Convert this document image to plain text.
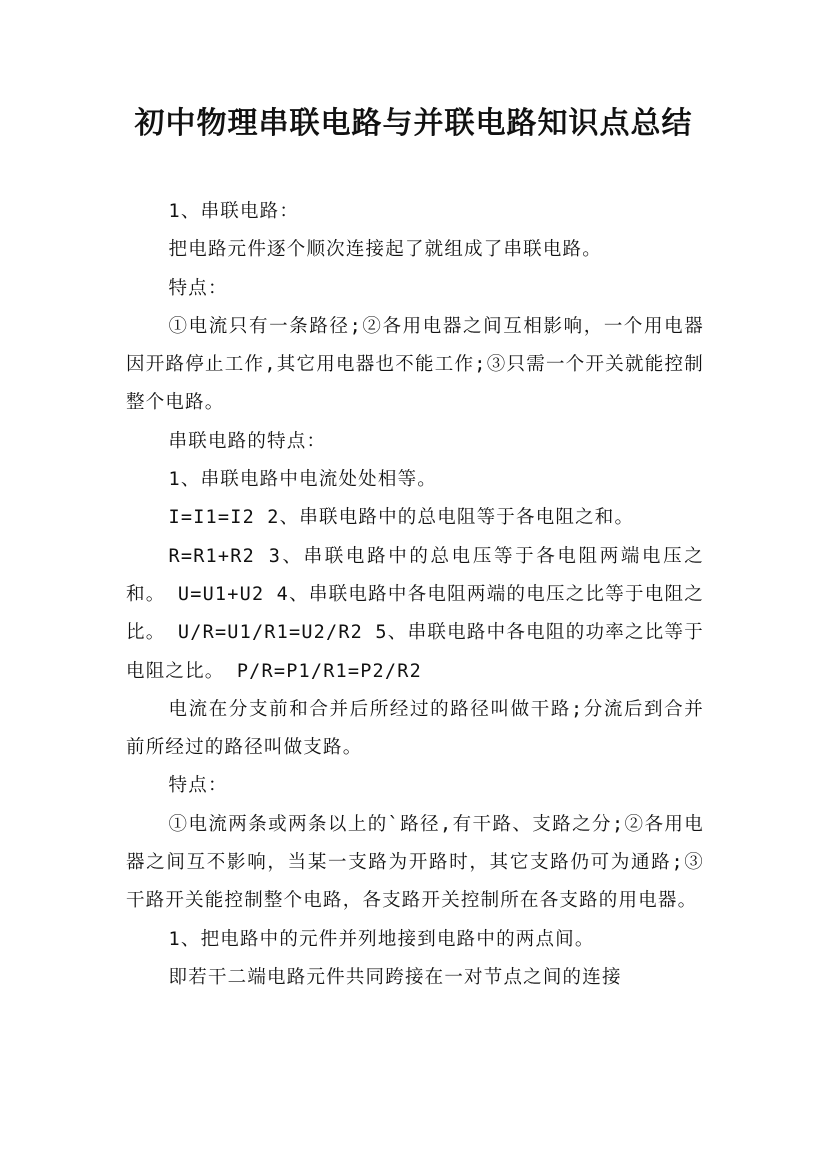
初中物理串联电路与并联电路知识点总结

1、串联电路：

把电路元件逐个顺次连接起了就组成了串联电路。

特点：

①电流只有一条路径;②各用电器之间互相影响，一个用电器因开路停止工作,其它用电器也不能工作;③只需一个开关就能控制整个电路。

串联电路的特点：

1、串联电路中电流处处相等。

I=I1=I2 2、串联电路中的总电阻等于各电阻之和。

R=R1+R2 3、串联电路中的总电压等于各电阻两端电压之和。 U=U1+U2 4、串联电路中各电阻两端的电压之比等于电阻之比。 U/R=U1/R1=U2/R2 5、串联电路中各电阻的功率之比等于电阻之比。 P/R=P1/R1=P2/R2

电流在分支前和合并后所经过的路径叫做干路;分流后到合并前所经过的路径叫做支路。

特点：

①电流两条或两条以上的`路径,有干路、支路之分;②各用电器之间互不影响，当某一支路为开路时，其它支路仍可为通路;③干路开关能控制整个电路，各支路开关控制所在各支路的用电器。

1、把电路中的元件并列地接到电路中的两点间。

即若干二端电路元件共同跨接在一对节点之间的连接
